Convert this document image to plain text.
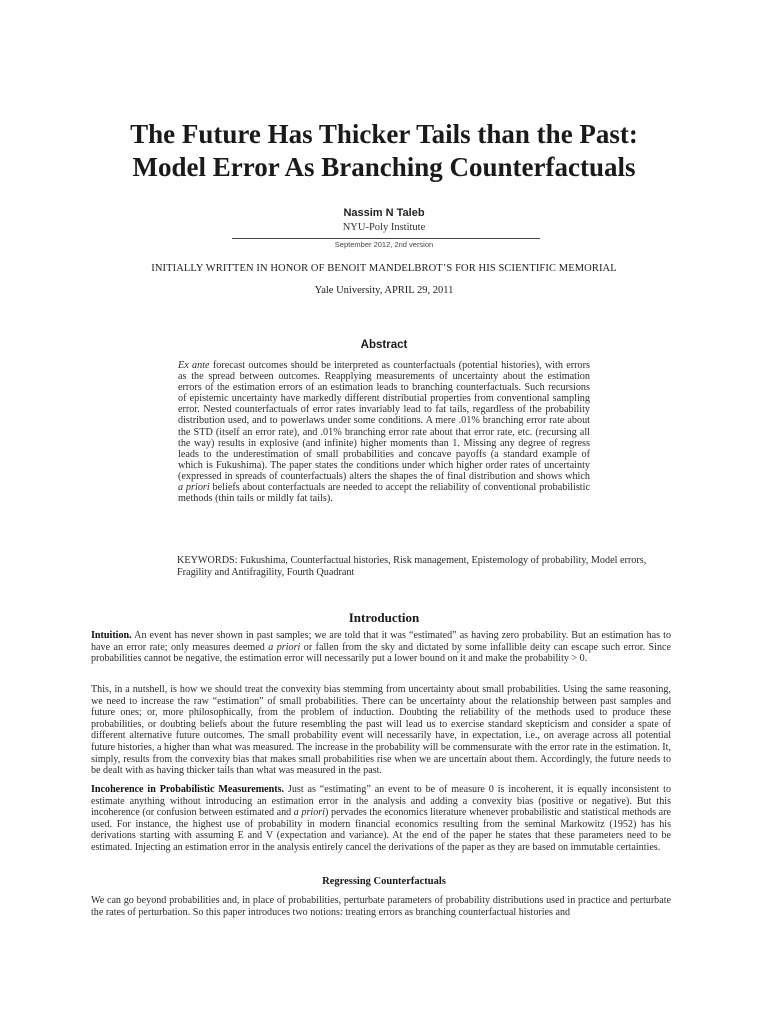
The Future Has Thicker Tails than the Past:
Model Error As Branching Counterfactuals
Nassim N Taleb
NYU-Poly Institute
September 2012, 2nd version
INITIALLY WRITTEN IN HONOR OF BENOIT MANDELBROT’S FOR HIS SCIENTIFIC MEMORIAL
Yale University, APRIL 29, 2011
Abstract

Ex ante forecast outcomes should be interpreted as counterfactuals (potential histories), with errors as the spread between outcomes. Reapplying measurements of uncertainty about the estimation errors of the estimation errors of an estimation leads to branching counterfactuals. Such recursions of epistemic uncertainty have markedly different distributial properties from conventional sampling error. Nested counterfactuals of error rates invariably lead to fat tails, regardless of the probability distribution used, and to powerlaws under some conditions. A mere .01% branching error rate about the STD (itself an error rate), and .01% branching error rate about that error rate, etc. (recursing all the way) results in explosive (and infinite) higher moments than 1. Missing any degree of regress leads to the underestimation of small probabilities and concave payoffs (a standard example of which is Fukushima). The paper states the conditions under which higher order rates of uncertainty (expressed in spreads of counterfactuals) alters the shapes the of final distribution and shows which a priori beliefs about conterfactuals are needed to accept the reliability of conventional probabilistic methods (thin tails or mildly fat tails).

KEYWORDS: Fukushima, Counterfactual histories, Risk management, Epistemology of probability, Model errors, Fragility and Antifragility, Fourth Quadrant

Introduction

Intuition. An event has never shown in past samples; we are told that it was “estimated” as having zero probability. But an estimation has to have an error rate; only measures deemed a priori or fallen from the sky and dictated by some infallible deity can escape such error. Since probabilities cannot be negative, the estimation error will necessarily put a lower bound on it and make the probability > 0.

This, in a nutshell, is how we should treat the convexity bias stemming from uncertainty about small probabilities. Using the same reasoning, we need to increase the raw “estimation” of small probabilities. There can be uncertainty about the relationship between past samples and future ones; or, more philosophically, from the problem of induction. Doubting the reliability of the methods used to produce these probabilities, or doubting beliefs about the future resembling the past will lead us to exercise standard skepticism and consider a spate of different alternative future outcomes. The small probability event will necessarily have, in expectation, i.e., on average across all potential future histories, a higher than what was measured. The increase in the probability will be commensurate with the error rate in the estimation. It, simply, results from the convexity bias that makes small probabilities rise when we are uncertain about them. Accordingly, the future needs to be dealt with as having thicker tails than what was measured in the past.

Incoherence in Probabilistic Measurements. Just as “estimating” an event to be of measure 0 is incoherent, it is equally inconsistent to estimate anything without introducing an estimation error in the analysis and adding a convexity bias (positive or negative). But this incoherence (or confusion between estimated and a priori) pervades the economics literature whenever probabilistic and statistical methods are used. For instance, the highest use of probability in modern financial economics resulting from the seminal Markowitz (1952) has his derivations starting with assuming E and V (expectation and variance). At the end of the paper he states that these parameters need to be estimated. Injecting an estimation error in the analysis entirely cancel the derivations of the paper as they are based on immutable certainties.

Regressing Counterfactuals

We can go beyond probabilities and, in place of probabilities, perturbate parameters of probability distributions used in practice and perturbate the rates of perturbation. So this paper introduces two notions: treating errors as branching counterfactual histories and
